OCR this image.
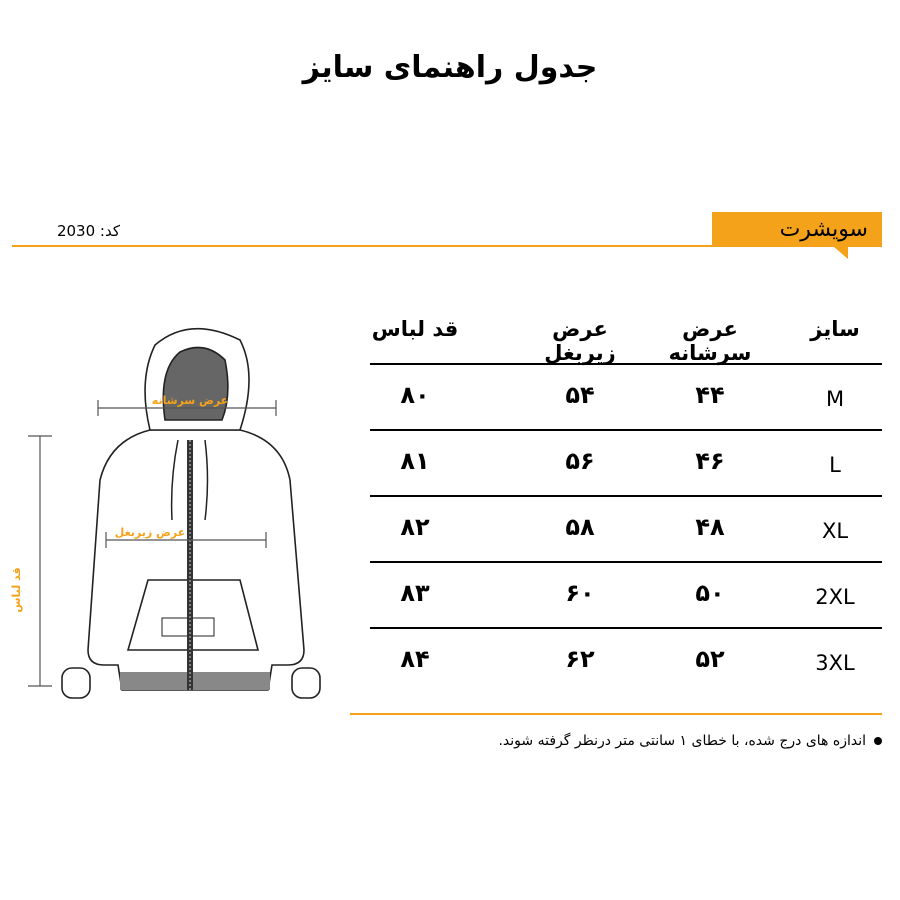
جدول راهنمای سایز
سویشرت
کد: 2030
عرض سرشانه
عرض زیربغل
قد لباس
سایز
عرض سرشانه
عرض زیربغل
قد لباس
M
۴۴
۵۴
۸۰
L
۴۶
۵۶
۸۱
XL
۴۸
۵۸
۸۲
2XL
۵۰
۶۰
۸۳
3XL
۵۲
۶۲
۸۴
اندازه های درج شده، با خطای ۱ سانتی متر درنظر گرفته شوند.
